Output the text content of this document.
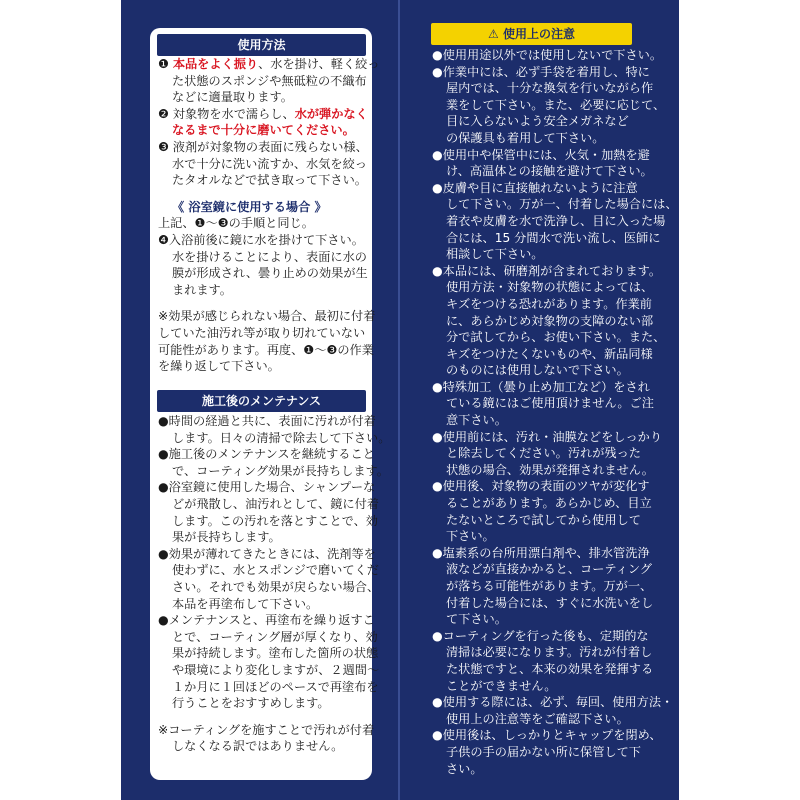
使用方法
❶ 本品をよく振り、水を掛け、軽く絞っ
た状態のスポンジや無砥粒の不織布
などに適量取ります。
❷ 対象物を水で濡らし、水が弾かなく
なるまで十分に磨いてください。
❸ 液剤が対象物の表面に残らない様、
水で十分に洗い流すか、水気を絞っ
たタオルなどで拭き取って下さい。
《 浴室鏡に使用する場合 》
上記、❶～❸の手順と同じ。
❹入浴前後に鏡に水を掛けて下さい。
水を掛けることにより、表面に水の
膜が形成され、曇り止めの効果が生
まれます。
※効果が感じられない場合、最初に付着
していた油汚れ等が取り切れていない
可能性があります。再度、❶～❸の作業
を繰り返して下さい。
施工後のメンテナンス
●時間の経過と共に、表面に汚れが付着
します。日々の清掃で除去して下さい。
●施工後のメンテナンスを継続すること
で、コーティング効果が長持ちします。
●浴室鏡に使用した場合、シャンプーな
どが飛散し、油汚れとして、鏡に付着
します。この汚れを落とすことで、効
果が長持ちします。
●効果が薄れてきたときには、洗剤等を
使わずに、水とスポンジで磨いてくだ
さい。それでも効果が戻らない場合、
本品を再塗布して下さい。
●メンテナンスと、再塗布を繰り返すこ
とで、コーティング層が厚くなり、効
果が持続します。塗布した箇所の状態
や環境により変化しますが、２週間～
１か月に１回ほどのペースで再塗布を
行うことをおすすめします。
※コーティングを施すことで汚れが付着
しなくなる訳ではありません。
⚠ 使用上の注意
●使用用途以外では使用しないで下さい。
●作業中には、必ず手袋を着用し、特に
屋内では、十分な換気を行いながら作
業をして下さい。また、必要に応じて、
目に入らないよう安全メガネなど
の保護具も着用して下さい。
●使用中や保管中には、火気・加熱を避
け、高温体との接触を避けて下さい。
●皮膚や目に直接触れないように注意
して下さい。万が一、付着した場合には、
着衣や皮膚を水で洗浄し、目に入った場
合には、15 分間水で洗い流し、医師に
相談して下さい。
●本品には、研磨剤が含まれております。
使用方法・対象物の状態によっては、
キズをつける恐れがあります。作業前
に、あらかじめ対象物の支障のない部
分で試してから、お使い下さい。また、
キズをつけたくないものや、新品同様
のものには使用しないで下さい。
●特殊加工（曇り止め加工など）をされ
ている鏡にはご使用頂けません。ご注
意下さい。
●使用前には、汚れ・油膜などをしっかり
と除去してください。汚れが残った
状態の場合、効果が発揮されません。
●使用後、対象物の表面のツヤが変化す
ることがあります。あらかじめ、目立
たないところで試してから使用して
下さい。
●塩素系の台所用漂白剤や、排水管洗浄
液などが直接かかると、コーティング
が落ちる可能性があります。万が一、
付着した場合には、すぐに水洗いをし
て下さい。
●コーティングを行った後も、定期的な
清掃は必要になります。汚れが付着し
た状態ですと、本来の効果を発揮する
ことができません。
●使用する際には、必ず、毎回、使用方法・
使用上の注意等をご確認下さい。
●使用後は、しっかりとキャップを閉め、
子供の手の届かない所に保管して下
さい。
